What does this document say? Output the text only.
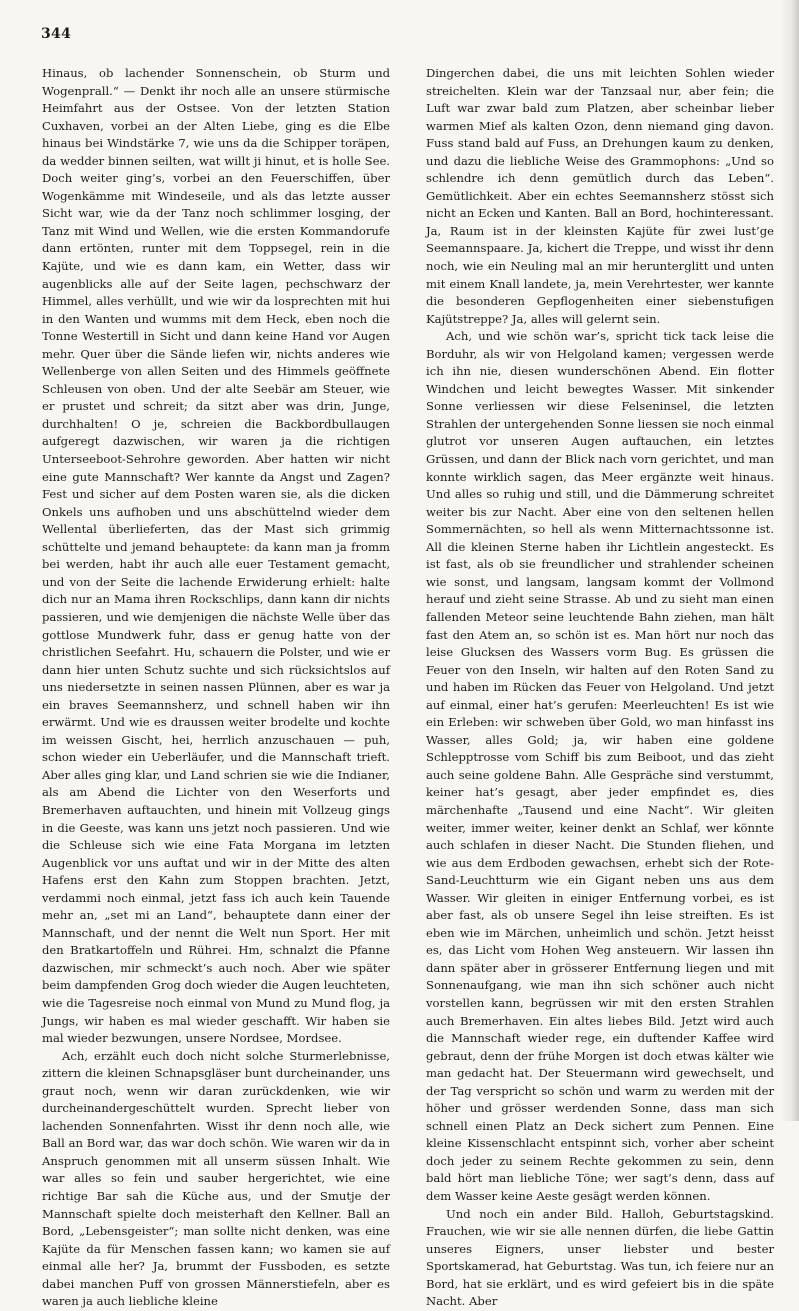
344

Hinaus, ob lachender Sonnenschein, ob Sturm und Wogenprall.“ — Denkt ihr noch alle an unsere stürmische Heimfahrt aus der Ostsee. Von der letzten Station Cuxhaven, vorbei an der Alten Liebe, ging es die Elbe hinaus bei Windstärke 7, wie uns da die Schipper toräpen, da wedder binnen seilten, wat willt ji hinut, et is holle See. Doch weiter ging’s, vorbei an den Feuerschiffen, über Wogenkämme mit Windeseile, und als das letzte ausser Sicht war, wie da der Tanz noch schlimmer losging, der Tanz mit Wind und Wellen, wie die ersten Kommandorufe dann ertönten, runter mit dem Toppsegel, rein in die Kajüte, und wie es dann kam, ein Wetter, dass wir augenblicks alle auf der Seite lagen, pechschwarz der Himmel, alles verhüllt, und wie wir da losprechten mit hui in den Wanten und wumms mit dem Heck, eben noch die Tonne Westertill in Sicht und dann keine Hand vor Augen mehr. Quer über die Sände liefen wir, nichts anderes wie Wellenberge von allen Seiten und des Himmels geöffnete Schleusen von oben. Und der alte Seebär am Steuer, wie er prustet und schreit; da sitzt aber was drin, Junge, durchhalten! O je, schreien die Backbordbullaugen aufgeregt dazwischen, wir waren ja die richtigen Unterseeboot-Sehrohre geworden. Aber hatten wir nicht eine gute Mannschaft? Wer kannte da Angst und Zagen? Fest und sicher auf dem Posten waren sie, als die dicken Onkels uns aufhoben und uns abschüttelnd wieder dem Wellental überlieferten, das der Mast sich grimmig schüttelte und jemand behauptete: da kann man ja fromm bei werden, habt ihr auch alle euer Testament gemacht, und von der Seite die lachende Erwiderung erhielt: halte dich nur an Mama ihren Rockschlips, dann kann dir nichts passieren, und wie demjenigen die nächste Welle über das gottlose Mundwerk fuhr, dass er genug hatte von der christlichen Seefahrt. Hu, schauern die Polster, und wie er dann hier unten Schutz suchte und sich rücksichtslos auf uns niedersetzte in seinen nassen Plünnen, aber es war ja ein braves Seemannsherz, und schnell haben wir ihn erwärmt. Und wie es draussen weiter brodelte und kochte im weissen Gischt, hei, herrlich anzuschauen — puh, schon wieder ein Ueberläufer, und die Mannschaft trieft. Aber alles ging klar, und Land schrien sie wie die Indianer, als am Abend die Lichter von den Weserforts und Bremerhaven auftauchten, und hinein mit Vollzeug gings in die Geeste, was kann uns jetzt noch passieren. Und wie die Schleuse sich wie eine Fata Morgana im letzten Augenblick vor uns auftat und wir in der Mitte des alten Hafens erst den Kahn zum Stoppen brachten. Jetzt, verdammi noch einmal, jetzt fass ich auch kein Tauende mehr an, „set mi an Land“, behauptete dann einer der Mannschaft, und der nennt die Welt nun Sport. Her mit den Bratkartoffeln und Rührei. Hm, schnalzt die Pfanne dazwischen, mir schmeckt’s auch noch. Aber wie später beim dampfenden Grog doch wieder die Augen leuchteten, wie die Tagesreise noch einmal von Mund zu Mund flog, ja Jungs, wir haben es mal wieder geschafft. Wir haben sie mal wieder bezwungen, unsere Nordsee, Mordsee.

Ach, erzählt euch doch nicht solche Sturmerlebnisse, zittern die kleinen Schnapsgläser bunt durcheinander, uns graut noch, wenn wir daran zurückdenken, wie wir durcheinandergeschüttelt wurden. Sprecht lieber von lachenden Sonnenfahrten. Wisst ihr denn noch alle, wie Ball an Bord war, das war doch schön. Wie waren wir da in Anspruch genommen mit all unserm süssen Inhalt. Wie war alles so fein und sauber hergerichtet, wie eine richtige Bar sah die Küche aus, und der Smutje der Mannschaft spielte doch meisterhaft den Kellner. Ball an Bord, „Lebensgeister“; man sollte nicht denken, was eine Kajüte da für Menschen fassen kann; wo kamen sie auf einmal alle her? Ja, brummt der Fussboden, es setzte dabei manchen Puff von grossen Männerstiefeln, aber es waren ja auch liebliche kleine

Dingerchen dabei, die uns mit leichten Sohlen wieder streichelten. Klein war der Tanzsaal nur, aber fein; die Luft war zwar bald zum Platzen, aber scheinbar lieber warmen Mief als kalten Ozon, denn niemand ging davon. Fuss stand bald auf Fuss, an Drehungen kaum zu denken, und dazu die liebliche Weise des Grammophons: „Und so schlendre ich denn gemütlich durch das Leben“. Gemütlichkeit. Aber ein echtes Seemannsherz stösst sich nicht an Ecken und Kanten. Ball an Bord, hochinteressant. Ja, Raum ist in der kleinsten Kajüte für zwei lust’ge Seemannspaare. Ja, kichert die Treppe, und wisst ihr denn noch, wie ein Neuling mal an mir herunterglitt und unten mit einem Knall landete, ja, mein Verehrtester, wer kannte die besonderen Gepflogenheiten einer siebenstufigen Kajütstreppe? Ja, alles will gelernt sein.

Ach, und wie schön war’s, spricht tick tack leise die Borduhr, als wir von Helgoland kamen; vergessen werde ich ihn nie, diesen wunderschönen Abend. Ein flotter Windchen und leicht bewegtes Wasser. Mit sinkender Sonne verliessen wir diese Felseninsel, die letzten Strahlen der untergehenden Sonne liessen sie noch einmal glutrot vor unseren Augen auftauchen, ein letztes Grüssen, und dann der Blick nach vorn gerichtet, und man konnte wirklich sagen, das Meer ergänzte weit hinaus. Und alles so ruhig und still, und die Dämmerung schreitet weiter bis zur Nacht. Aber eine von den seltenen hellen Sommernächten, so hell als wenn Mitternachtssonne ist. All die kleinen Sterne haben ihr Lichtlein angesteckt. Es ist fast, als ob sie freundlicher und strahlender scheinen wie sonst, und langsam, langsam kommt der Vollmond herauf und zieht seine Strasse. Ab und zu sieht man einen fallenden Meteor seine leuchtende Bahn ziehen, man hält fast den Atem an, so schön ist es. Man hört nur noch das leise Glucksen des Wassers vorm Bug. Es grüssen die Feuer von den Inseln, wir halten auf den Roten Sand zu und haben im Rücken das Feuer von Helgoland. Und jetzt auf einmal, einer hat’s gerufen: Meerleuchten! Es ist wie ein Erleben: wir schweben über Gold, wo man hinfasst ins Wasser, alles Gold; ja, wir haben eine goldene Schlepptrosse vom Schiff bis zum Beiboot, und das zieht auch seine goldene Bahn. Alle Gespräche sind verstummt, keiner hat’s gesagt, aber jeder empfindet es, dies märchenhafte „Tausend und eine Nacht“. Wir gleiten weiter, immer weiter, keiner denkt an Schlaf, wer könnte auch schlafen in dieser Nacht. Die Stunden fliehen, und wie aus dem Erdboden gewachsen, erhebt sich der Rote-Sand-Leuchtturm wie ein Gigant neben uns aus dem Wasser. Wir gleiten in einiger Entfernung vorbei, es ist aber fast, als ob unsere Segel ihn leise streiften. Es ist eben wie im Märchen, unheimlich und schön. Jetzt heisst es, das Licht vom Hohen Weg ansteuern. Wir lassen ihn dann später aber in grösserer Entfernung liegen und mit Sonnenaufgang, wie man ihn sich schöner auch nicht vorstellen kann, begrüssen wir mit den ersten Strahlen auch Bremerhaven. Ein altes liebes Bild. Jetzt wird auch die Mannschaft wieder rege, ein duftender Kaffee wird gebraut, denn der frühe Morgen ist doch etwas kälter wie man gedacht hat. Der Steuermann wird gewechselt, und der Tag verspricht so schön und warm zu werden mit der höher und grösser werdenden Sonne, dass man sich schnell einen Platz an Deck sichert zum Pennen. Eine kleine Kissenschlacht entspinnt sich, vorher aber scheint doch jeder zu seinem Rechte gekommen zu sein, denn bald hört man liebliche Töne; wer sagt’s denn, dass auf dem Wasser keine Aeste gesägt werden können.

Und noch ein ander Bild. Halloh, Geburtstagskind. Frauchen, wie wir sie alle nennen dürfen, die liebe Gattin unseres Eigners, unser liebster und bester Sportskamerad, hat Geburtstag. Was tun, ich feiere nur an Bord, hat sie erklärt, und es wird gefeiert bis in die späte Nacht. Aber
